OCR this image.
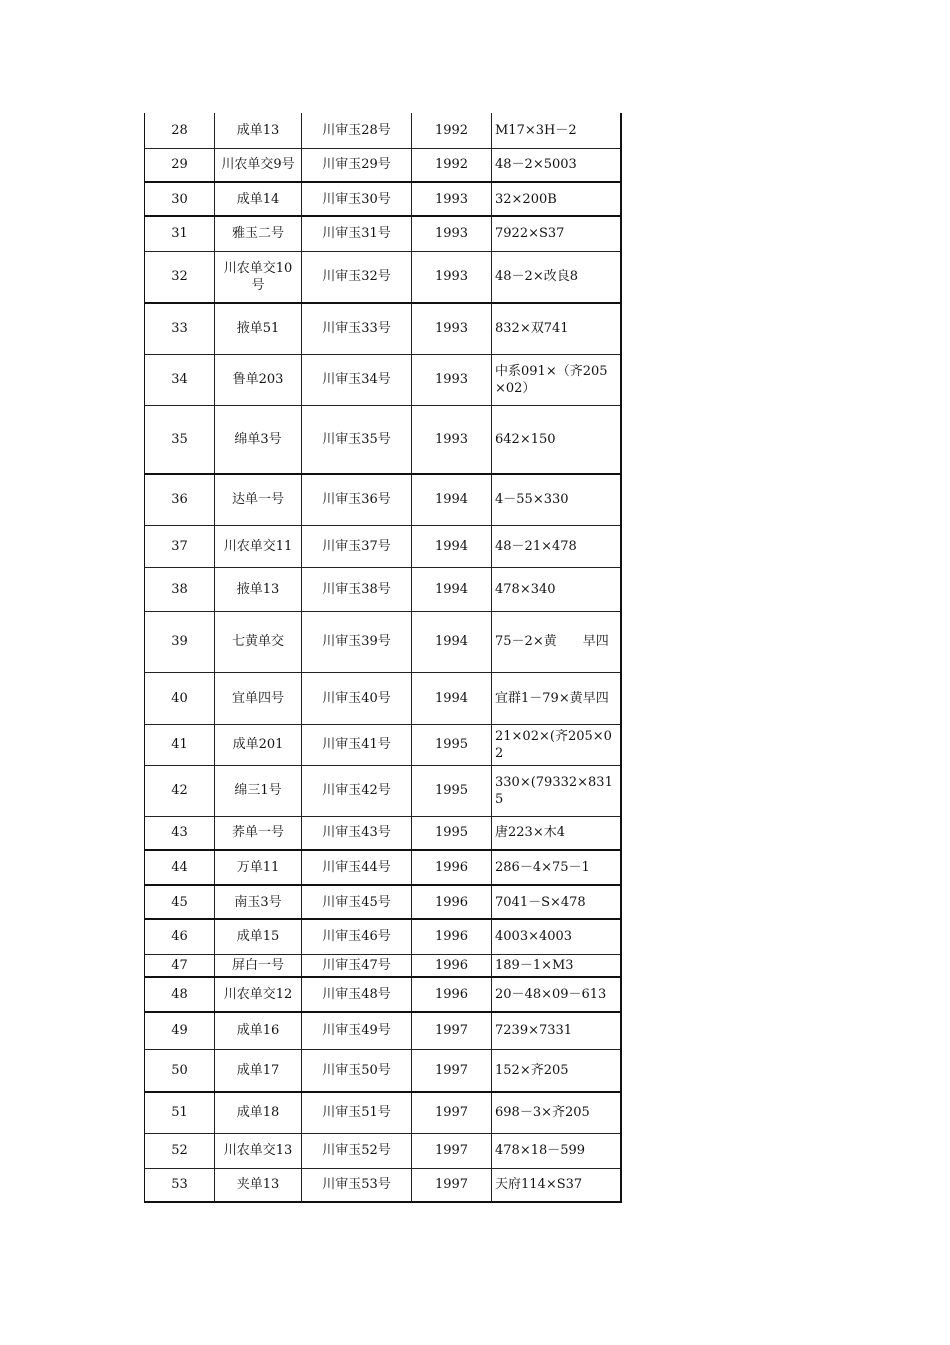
28	成单13	川审玉28号	1992	M17×3H－2
29	川农单交9号	川审玉29号	1992	48－2×5003
30	成单14	川审玉30号	1993	32×200B
31	雅玉二号	川审玉31号	1993	7922×S37
32	川农单交10号	川审玉32号	1993	48－2×改良8
33	掖单51	川审玉33号	1993	832×双741
34	鲁单203	川审玉34号	1993	中系091×（齐205×02）
35	绵单3号	川审玉35号	1993	642×150
36	达单一号	川审玉36号	1994	4－55×330
37	川农单交11	川审玉37号	1994	48－21×478
38	掖单13	川审玉38号	1994	478×340
39	七黄单交	川审玉39号	1994	75－2×黄　　早四
40	宜单四号	川审玉40号	1994	宜群1－79×黄早四
41	成单201	川审玉41号	1995	21×02×(齐205×02
42	绵三1号	川审玉42号	1995	330×(79332×8315
43	荞单一号	川审玉43号	1995	唐223×木4
44	万单11	川审玉44号	1996	286－4×75－1
45	南玉3号	川审玉45号	1996	7041－S×478
46	成单15	川审玉46号	1996	4003×4003
47	屏白一号	川审玉47号	1996	189－1×M3
48	川农单交12	川审玉48号	1996	20－48×09－613
49	成单16	川审玉49号	1997	7239×7331
50	成单17	川审玉50号	1997	152×齐205
51	成单18	川审玉51号	1997	698－3×齐205
52	川农单交13	川审玉52号	1997	478×18－599
53	夹单13	川审玉53号	1997	天府114×S37
